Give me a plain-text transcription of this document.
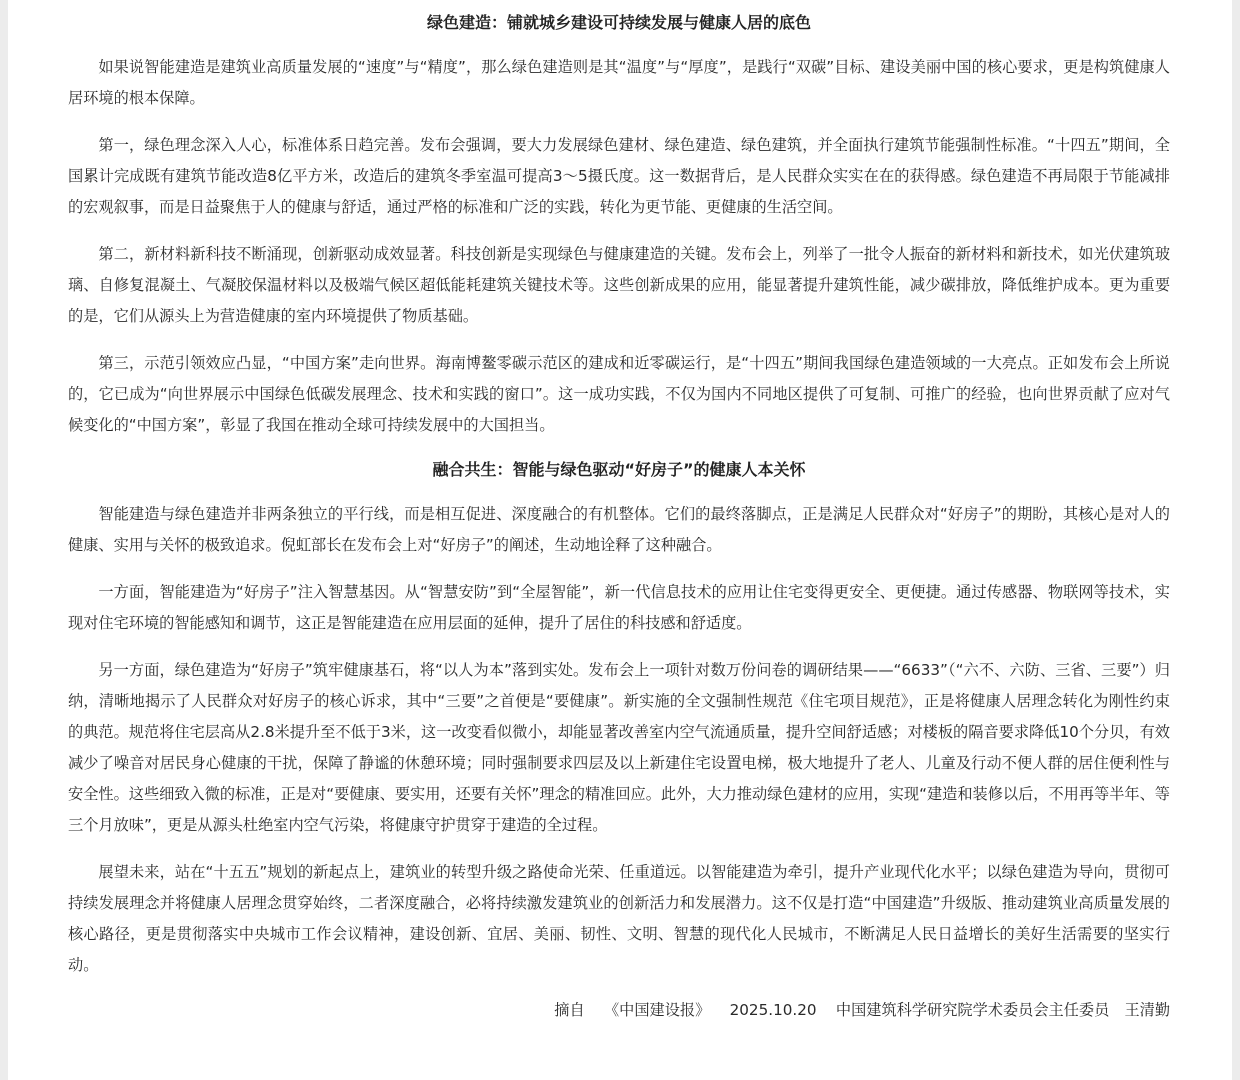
绿色建造：铺就城乡建设可持续发展与健康人居的底色

如果说智能建造是建筑业高质量发展的“速度”与“精度”，那么绿色建造则是其“温度”与“厚度”，是践行“双碳”目标、建设美丽中国的核心要求，更是构筑健康人居环境的根本保障。

第一，绿色理念深入人心，标准体系日趋完善。发布会强调，要大力发展绿色建材、绿色建造、绿色建筑，并全面执行建筑节能强制性标准。“十四五”期间，全国累计完成既有建筑节能改造8亿平方米，改造后的建筑冬季室温可提高3～5摄氏度。这一数据背后，是人民群众实实在在的获得感。绿色建造不再局限于节能减排的宏观叙事，而是日益聚焦于人的健康与舒适，通过严格的标准和广泛的实践，转化为更节能、更健康的生活空间。

第二，新材料新科技不断涌现，创新驱动成效显著。科技创新是实现绿色与健康建造的关键。发布会上，列举了一批令人振奋的新材料和新技术，如光伏建筑玻璃、自修复混凝土、气凝胶保温材料以及极端气候区超低能耗建筑关键技术等。这些创新成果的应用，能显著提升建筑性能，减少碳排放，降低维护成本。更为重要的是，它们从源头上为营造健康的室内环境提供了物质基础。

第三，示范引领效应凸显，“中国方案”走向世界。海南博鳌零碳示范区的建成和近零碳运行，是“十四五”期间我国绿色建造领域的一大亮点。正如发布会上所说的，它已成为“向世界展示中国绿色低碳发展理念、技术和实践的窗口”。这一成功实践，不仅为国内不同地区提供了可复制、可推广的经验，也向世界贡献了应对气候变化的“中国方案”，彰显了我国在推动全球可持续发展中的大国担当。

融合共生：智能与绿色驱动“好房子”的健康人本关怀

智能建造与绿色建造并非两条独立的平行线，而是相互促进、深度融合的有机整体。它们的最终落脚点，正是满足人民群众对“好房子”的期盼，其核心是对人的健康、实用与关怀的极致追求。倪虹部长在发布会上对“好房子”的阐述，生动地诠释了这种融合。

一方面，智能建造为“好房子”注入智慧基因。从“智慧安防”到“全屋智能”，新一代信息技术的应用让住宅变得更安全、更便捷。通过传感器、物联网等技术，实现对住宅环境的智能感知和调节，这正是智能建造在应用层面的延伸，提升了居住的科技感和舒适度。

另一方面，绿色建造为“好房子”筑牢健康基石，将“以人为本”落到实处。发布会上一项针对数万份问卷的调研结果——“6633”（“六不、六防、三省、三要”）归纳，清晰地揭示了人民群众对好房子的核心诉求，其中“三要”之首便是“要健康”。新实施的全文强制性规范《住宅项目规范》，正是将健康人居理念转化为刚性约束的典范。规范将住宅层高从2.8米提升至不低于3米，这一改变看似微小，却能显著改善室内空气流通质量，提升空间舒适感；对楼板的隔音要求降低10个分贝，有效减少了噪音对居民身心健康的干扰，保障了静谧的休憩环境；同时强制要求四层及以上新建住宅设置电梯，极大地提升了老人、儿童及行动不便人群的居住便利性与安全性。这些细致入微的标准，正是对“要健康、要实用，还要有关怀”理念的精准回应。此外，大力推动绿色建材的应用，实现“建造和装修以后，不用再等半年、等三个月放味”，更是从源头杜绝室内空气污染，将健康守护贯穿于建造的全过程。

展望未来，站在“十五五”规划的新起点上，建筑业的转型升级之路使命光荣、任重道远。以智能建造为牵引，提升产业现代化水平；以绿色建造为导向，贯彻可持续发展理念并将健康人居理念贯穿始终，二者深度融合，必将持续激发建筑业的创新活力和发展潜力。这不仅是打造“中国建造”升级版、推动建筑业高质量发展的核心路径，更是贯彻落实中央城市工作会议精神，建设创新、宜居、美丽、韧性、文明、智慧的现代化人民城市，不断满足人民日益增长的美好生活需要的坚实行动。

摘自 《中国建设报》 2025.10.20 中国建筑科学研究院学术委员会主任委员　王清勤
